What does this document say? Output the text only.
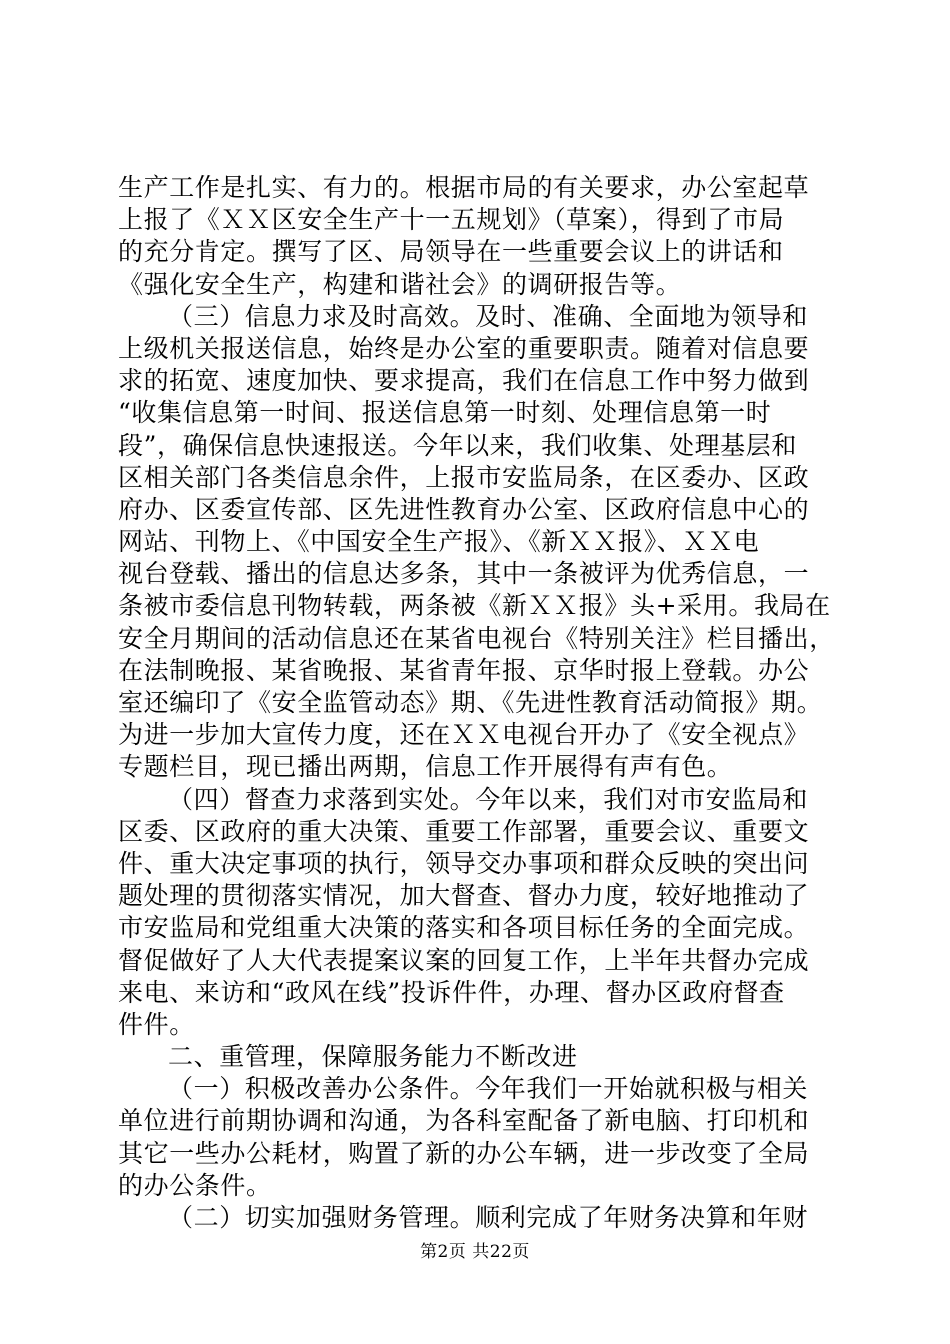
生产工作是扎实、有力的。根据市局的有关要求，办公室起草
上报了《ＸＸ区安全生产十一五规划》（草案），得到了市局
的充分肯定。撰写了区、局领导在一些重要会议上的讲话和
《强化安全生产，构建和谐社会》的调研报告等。
（三）信息力求及时高效。及时、准确、全面地为领导和
上级机关报送信息，始终是办公室的重要职责。随着对信息要
求的拓宽、速度加快、要求提高，我们在信息工作中努力做到
“收集信息第一时间、报送信息第一时刻、处理信息第一时
段”，确保信息快速报送。今年以来，我们收集、处理基层和
区相关部门各类信息余件，上报市安监局条，在区委办、区政
府办、区委宣传部、区先进性教育办公室、区政府信息中心的
网站、刊物上、《中国安全生产报》、《新ＸＸ报》、ＸＸ电
视台登载、播出的信息达多条，其中一条被评为优秀信息，一
条被市委信息刊物转载，两条被《新ＸＸ报》头+采用。我局在
安全月期间的活动信息还在某省电视台《特别关注》栏目播出，
在法制晚报、某省晚报、某省青年报、京华时报上登载。办公
室还编印了《安全监管动态》期、《先进性教育活动简报》期。
为进一步加大宣传力度，还在ＸＸ电视台开办了《安全视点》
专题栏目，现已播出两期，信息工作开展得有声有色。
（四）督查力求落到实处。今年以来，我们对市安监局和
区委、区政府的重大决策、重要工作部署，重要会议、重要文
件、重大决定事项的执行，领导交办事项和群众反映的突出问
题处理的贯彻落实情况，加大督查、督办力度，较好地推动了
市安监局和党组重大决策的落实和各项目标任务的全面完成。
督促做好了人大代表提案议案的回复工作，上半年共督办完成
来电、来访和“政风在线”投诉件件，办理、督办区政府督查
件件。
二、重管理，保障服务能力不断改进
（一）积极改善办公条件。今年我们一开始就积极与相关
单位进行前期协调和沟通，为各科室配备了新电脑、打印机和
其它一些办公耗材，购置了新的办公车辆，进一步改变了全局
的办公条件。
（二）切实加强财务管理。顺利完成了年财务决算和年财
第2页 共22页
